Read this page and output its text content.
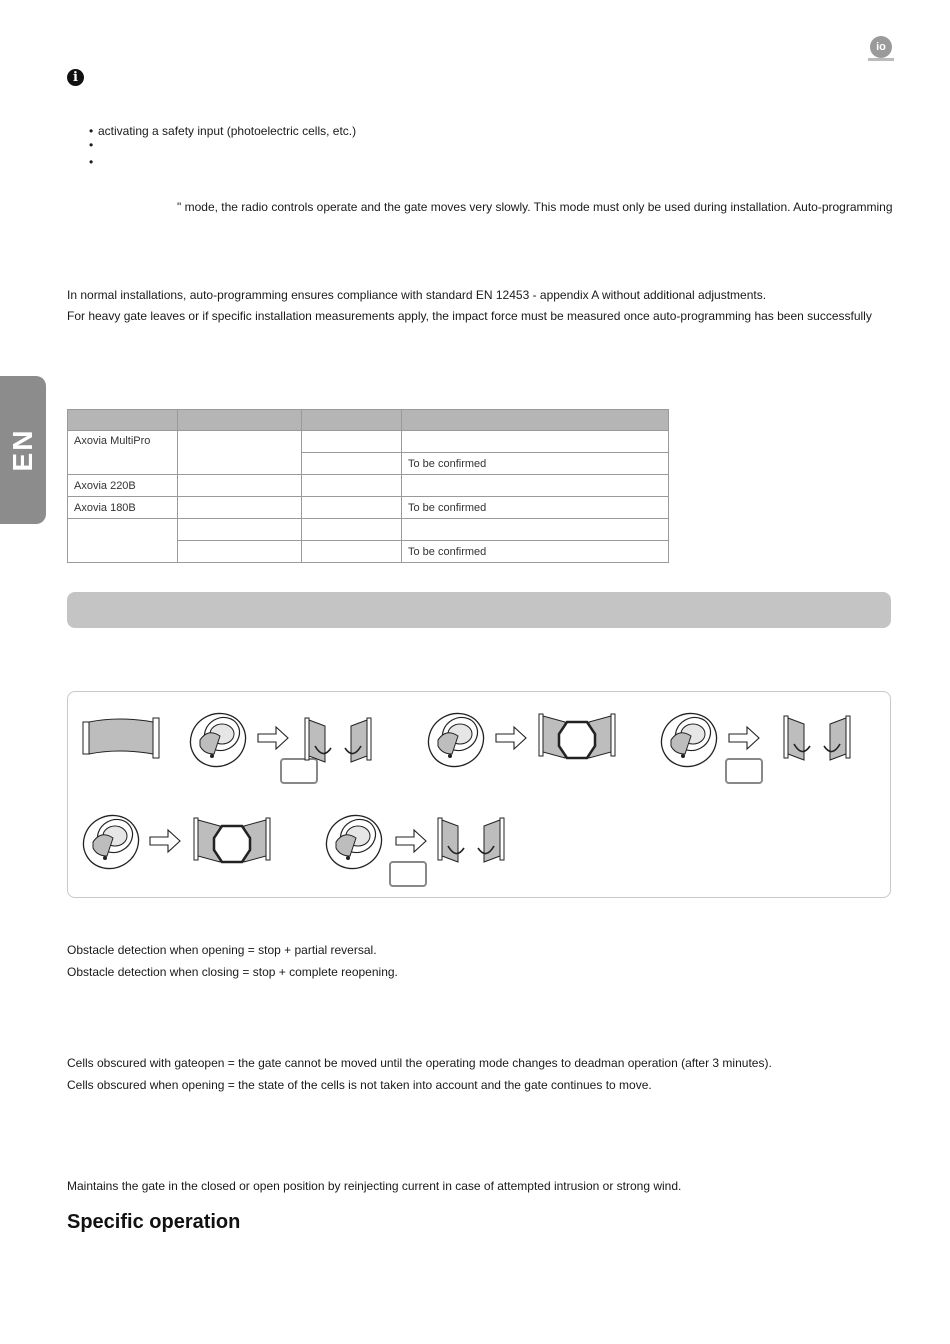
EN
io
i
• activating a safety input (photoelectric cells, etc.)
•
•
" mode, the radio controls operate and the gate moves very slowly. This mode must only be used during installation. Auto-programming
In normal installations, auto-programming ensures compliance with standard EN 12453 - appendix A without additional adjustments.
For heavy gate leaves or if specific installation measurements apply, the impact force must be measured once auto-programming has been successfully

Axovia MultiPro			
			To be confirmed
Axovia 220B			
Axovia 180B			To be confirmed

			To be confirmed
Obstacle detection when opening = stop + partial reversal.
Obstacle detection when closing = stop + complete reopening.
Cells obscured with gateopen = the gate cannot be moved until the operating mode changes to deadman operation (after 3 minutes).
Cells obscured when opening = the state of the cells is not taken into account and the gate continues to move.
Maintains the gate in the closed or open position by reinjecting current in case of attempted intrusion or strong wind.
Specific operation
